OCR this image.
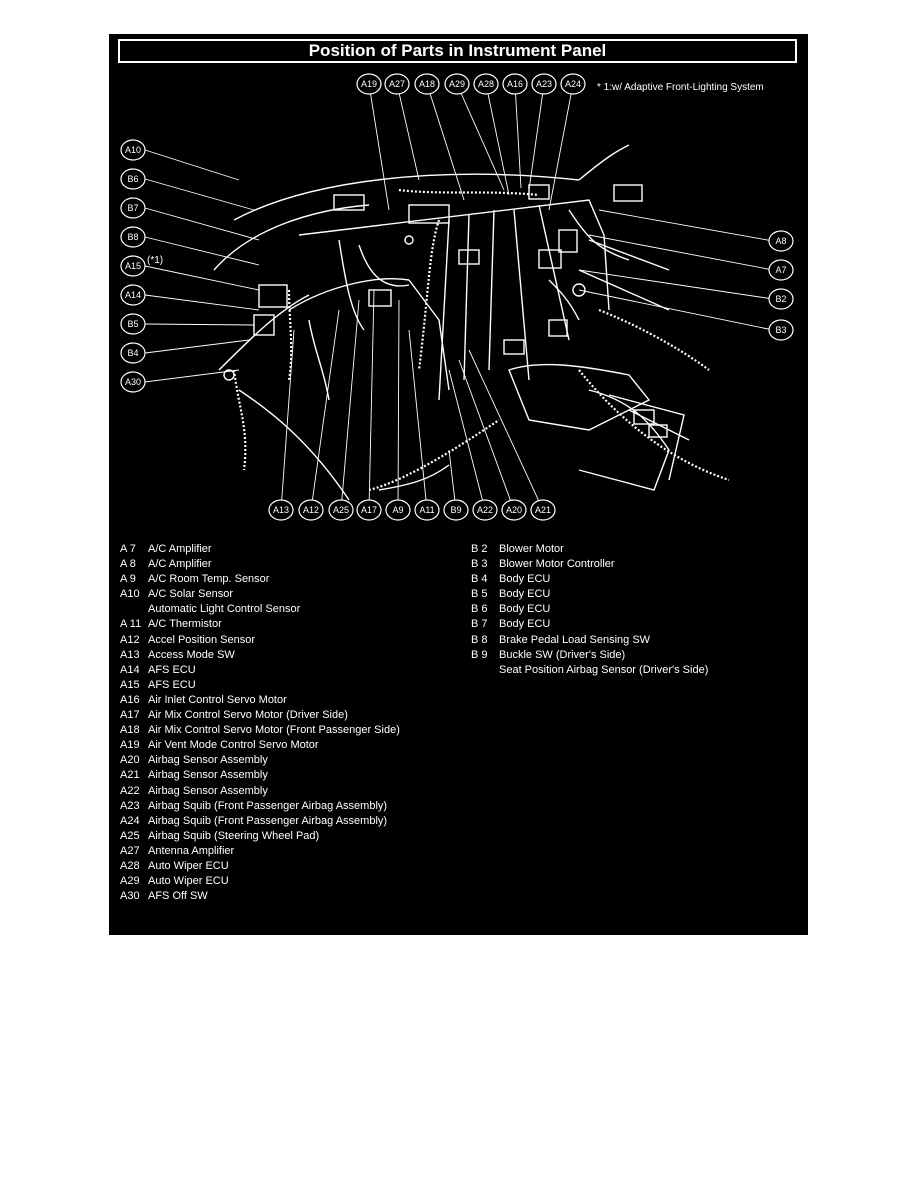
Position of Parts in Instrument Panel
A19 A27 A18 A29 A28 A16 A23 A24 * 1:w/ Adaptive Front-Lighting System
A10
B6
B7
B8
A15 (*1)
A14
B5
B4
A30
A8
A7
B2
B3
A13 A12 A25 A17 A9 A11 B9 A22 A20 A21
A 7 A/C Amplifier
A 8 A/C Amplifier
A 9 A/C Room Temp. Sensor
A10 A/C Solar Sensor
Automatic Light Control Sensor
A 11 A/C Thermistor
A12 Accel Position Sensor
A13 Access Mode SW
A14 AFS ECU
A15 AFS ECU
A16 Air Inlet Control Servo Motor
A17 Air Mix Control Servo Motor (Driver Side)
A18 Air Mix Control Servo Motor (Front Passenger Side)
A19 Air Vent Mode Control Servo Motor
A20 Airbag Sensor Assembly
A21 Airbag Sensor Assembly
A22 Airbag Sensor Assembly
A23 Airbag Squib (Front Passenger Airbag Assembly)
A24 Airbag Squib (Front Passenger Airbag Assembly)
A25 Airbag Squib (Steering Wheel Pad)
A27 Antenna Amplifier
A28 Auto Wiper ECU
A29 Auto Wiper ECU
A30 AFS Off SW
B 2 Blower Motor
B 3 Blower Motor Controller
B 4 Body ECU
B 5 Body ECU
B 6 Body ECU
B 7 Body ECU
B 8 Brake Pedal Load Sensing SW
B 9 Buckle SW (Driver's Side)
Seat Position Airbag Sensor (Driver's Side)
